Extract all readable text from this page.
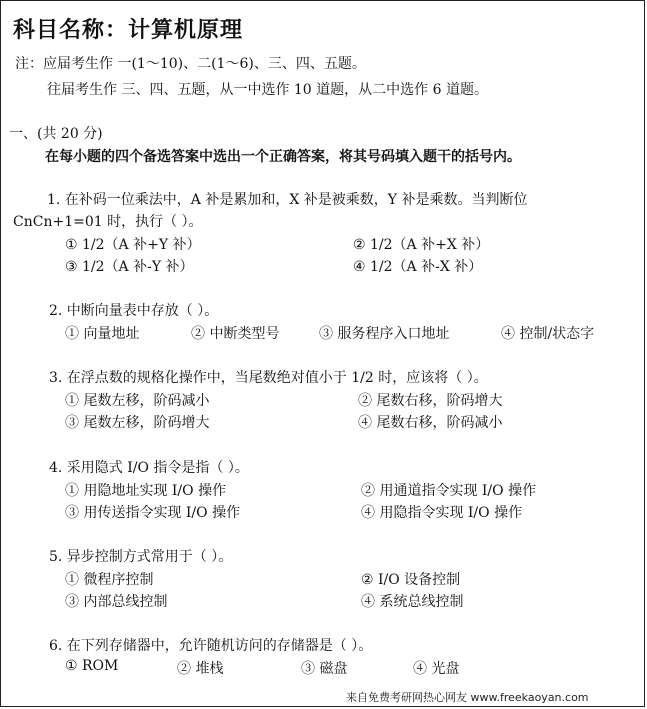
科目名称：计算机原理
注：应届考生作 一(1～10)、二(1～6)、三、四、五题。
往届考生作 三、四、五题，从一中选作 10 道题，从二中选作 6 道题。
一、(共 20 分)
在每小题的四个备选答案中选出一个正确答案，将其号码填入题干的括号内。
1. 在补码一位乘法中，A 补是累加和，X 补是被乘数，Y 补是乘数。当判断位
CnCn+1=01 时，执行（ ）。
① 1/2（A 补+Y 补）	② 1/2（A 补+X 补）
③ 1/2（A 补-Y 补）	④ 1/2（A 补-X 补）
2. 中断向量表中存放（ ）。
① 向量地址	② 中断类型号	③ 服务程序入口地址	④ 控制/状态字
3. 在浮点数的规格化操作中，当尾数绝对值小于 1/2 时，应该将（ ）。
① 尾数左移，阶码减小	② 尾数右移，阶码增大
③ 尾数左移，阶码增大	④ 尾数右移，阶码减小
4. 采用隐式 I/O 指令是指（ ）。
① 用隐地址实现 I/O 操作	② 用通道指令实现 I/O 操作
③ 用传送指令实现 I/O 操作	④ 用隐指令实现 I/O 操作
5. 异步控制方式常用于（ ）。
① 微程序控制	② I/O 设备控制
③ 内部总线控制	④ 系统总线控制
6. 在下列存储器中，允许随机访问的存储器是（ ）。
① ROM	② 堆栈	③ 磁盘	④ 光盘
来自免费考研网热心网友 www.freekaoyan.com
